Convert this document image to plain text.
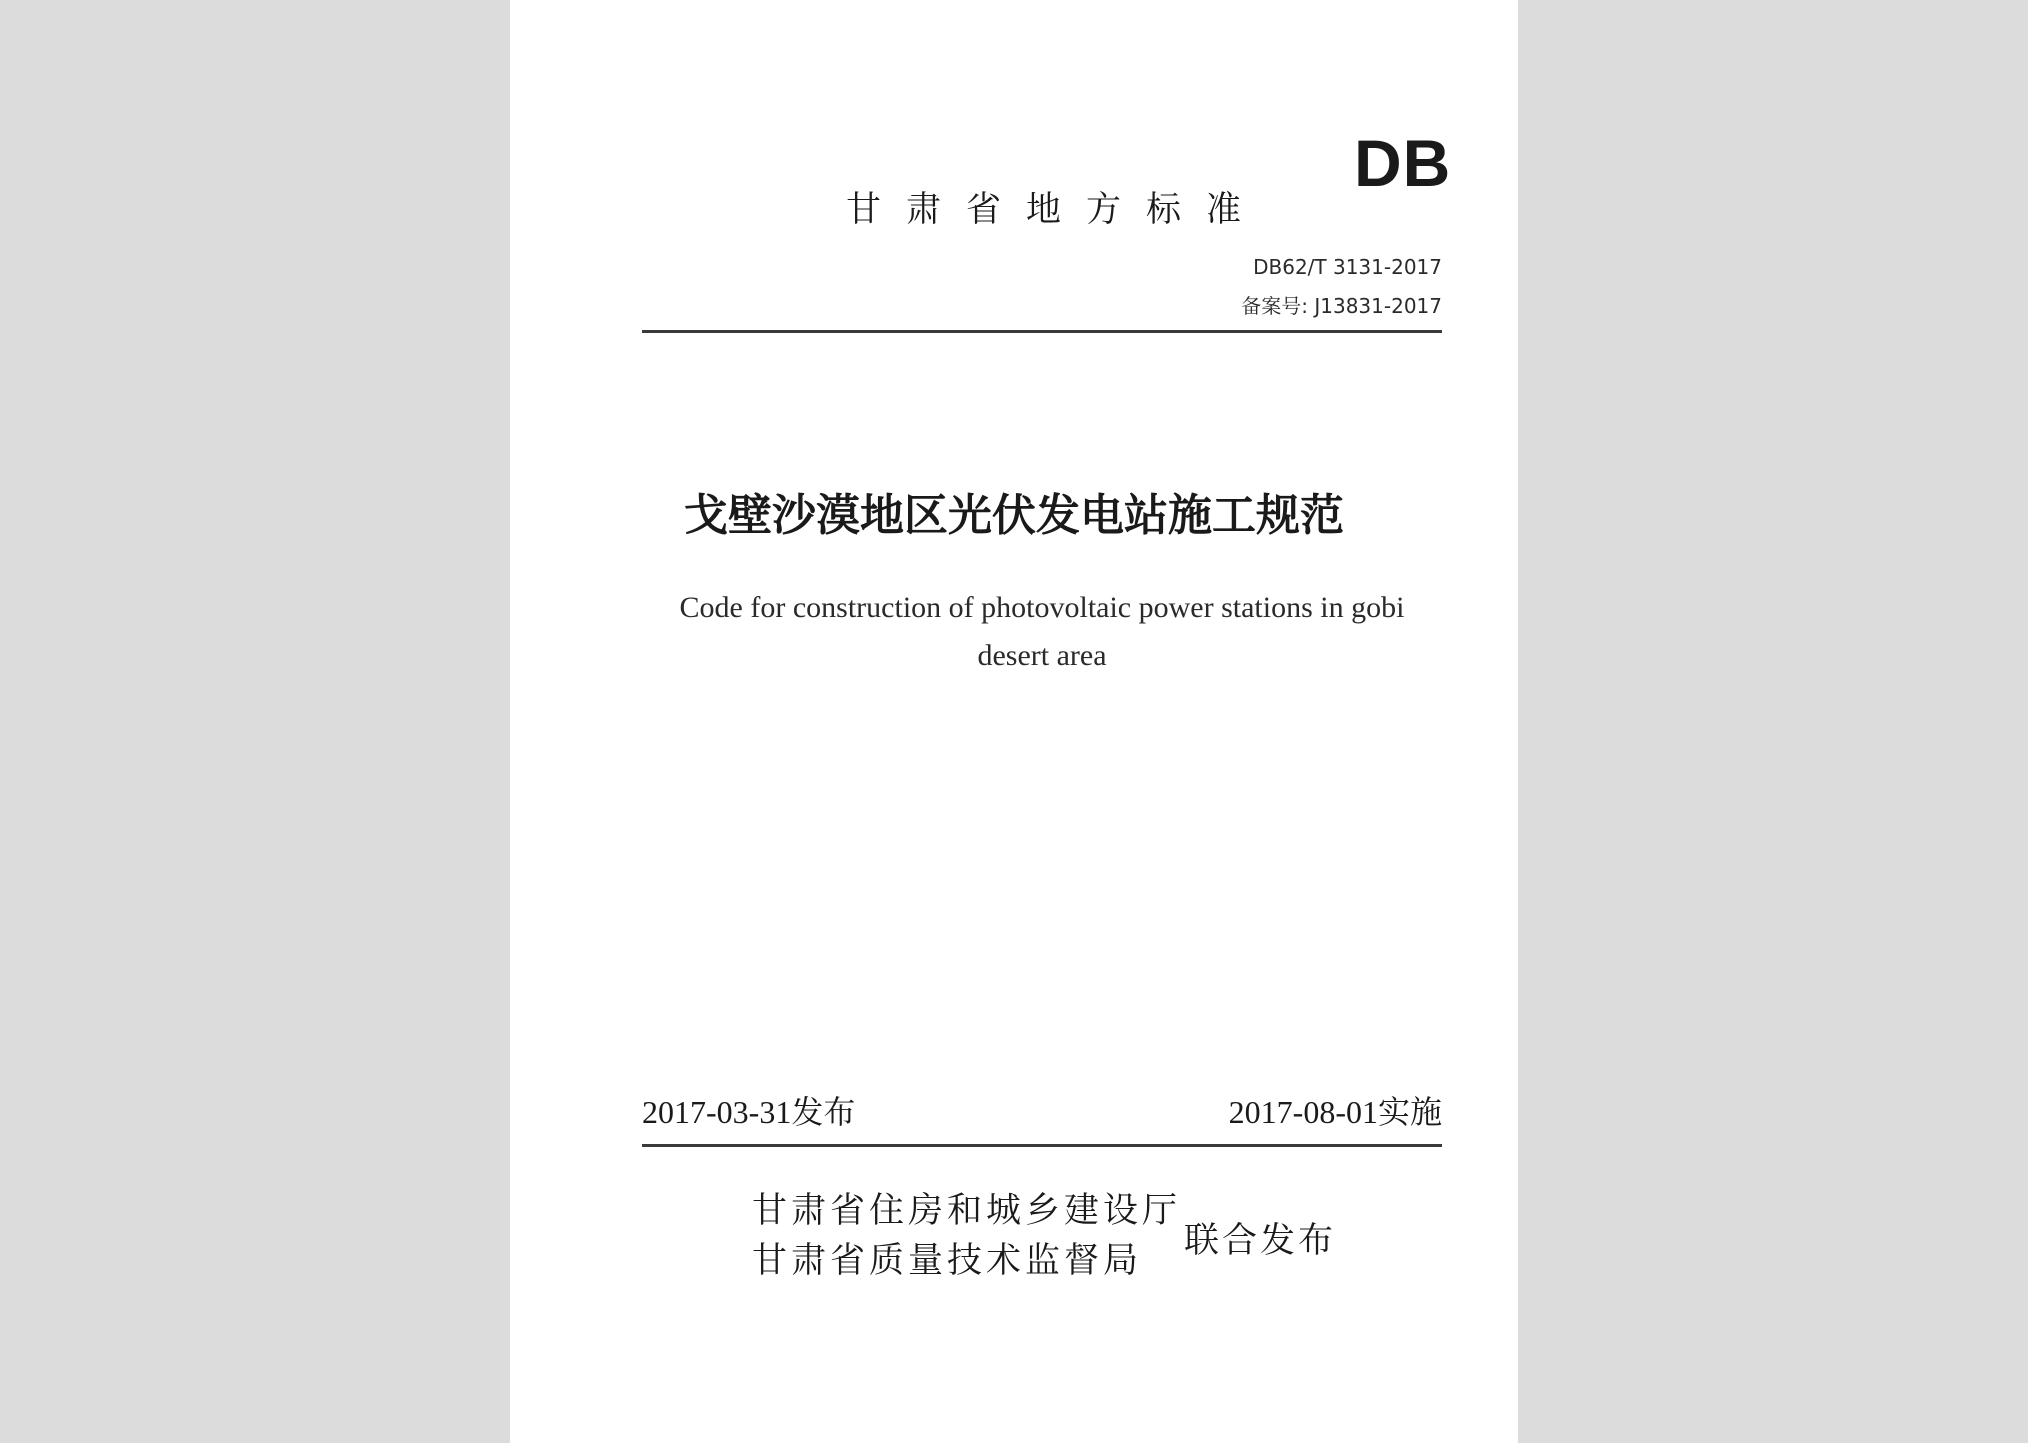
甘肃省地方标准
DB
DB62/T 3131-2017
备案号: J13831-2017
戈壁沙漠地区光伏发电站施工规范
Code for construction of photovoltaic power stations in gobi desert area
2017-03-31发布	2017-08-01实施
甘肃省住房和城乡建设厅
甘肃省质量技术监督局	联合发布
